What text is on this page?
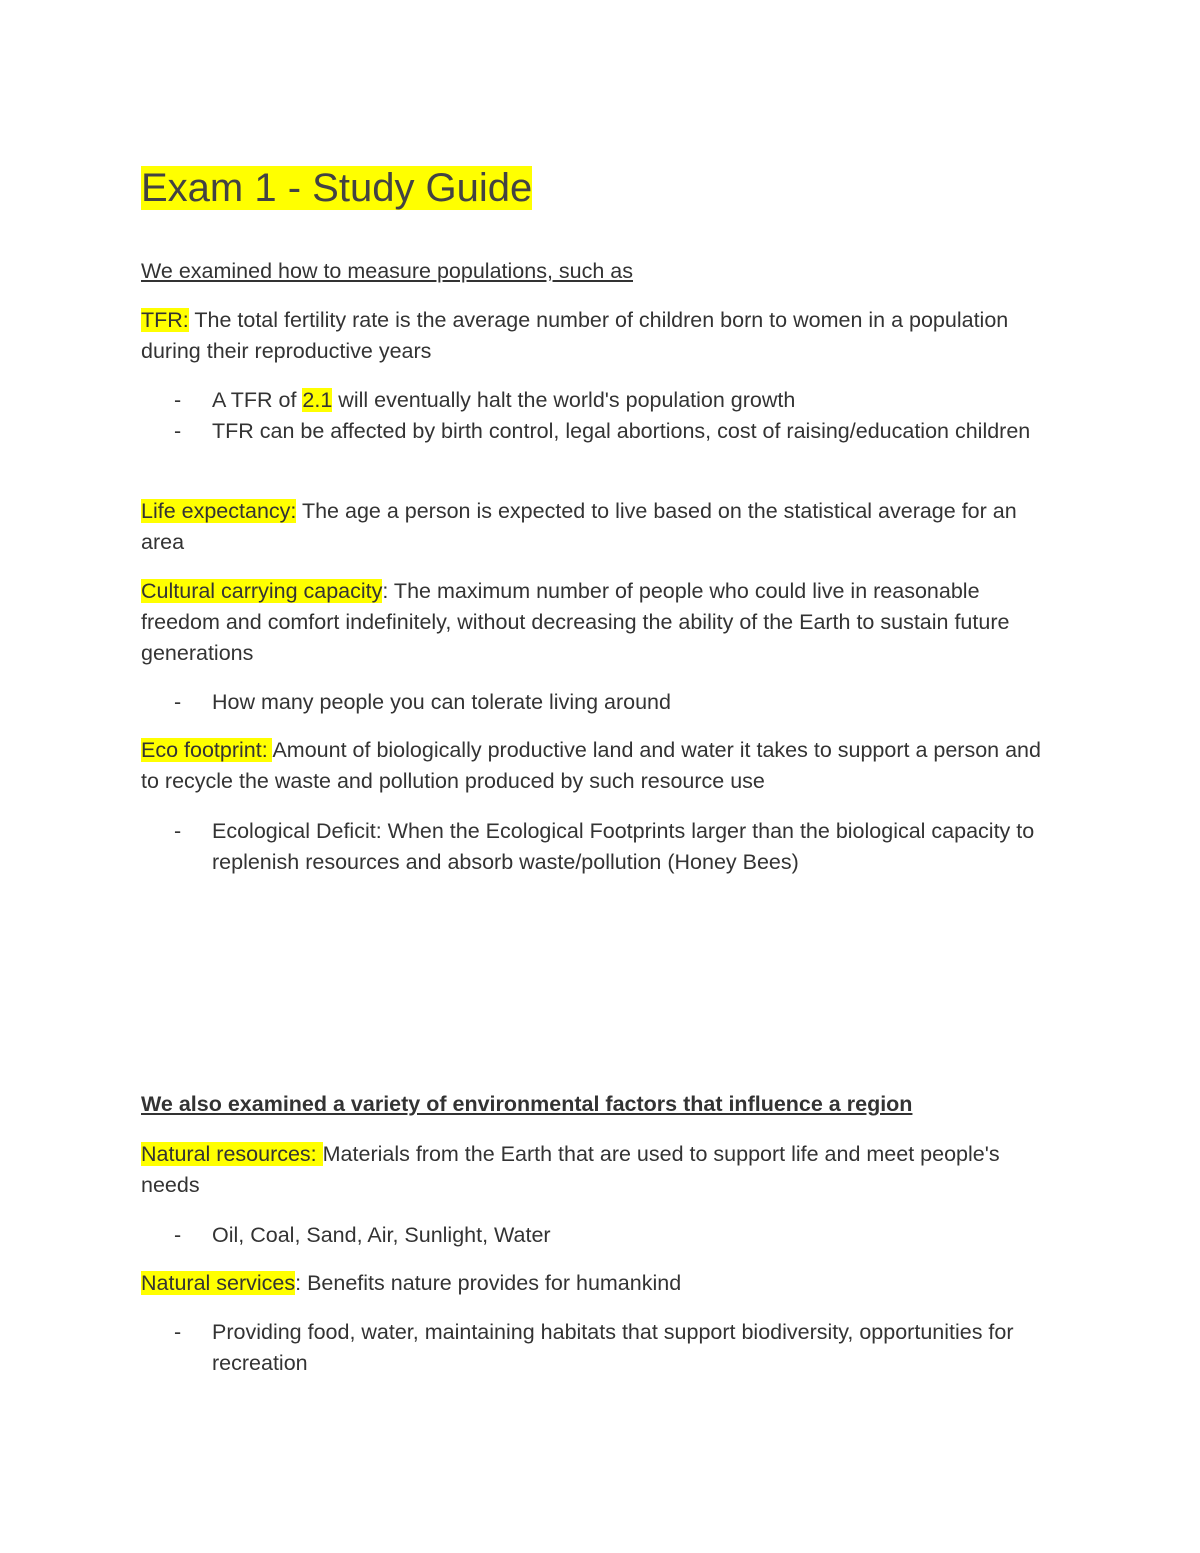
Exam 1 - Study Guide

We examined how to measure populations, such as

TFR: The total fertility rate is the average number of children born to women in a population during their reproductive years

- A TFR of 2.1 will eventually halt the world's population growth
- TFR can be affected by birth control, legal abortions, cost of raising/education children

Life expectancy: The age a person is expected to live based on the statistical average for an area

Cultural carrying capacity: The maximum number of people who could live in reasonable freedom and comfort indefinitely, without decreasing the ability of the Earth to sustain future generations

- How many people you can tolerate living around

Eco footprint: Amount of biologically productive land and water it takes to support a person and to recycle the waste and pollution produced by such resource use

- Ecological Deficit: When the Ecological Footprints larger than the biological capacity to replenish resources and absorb waste/pollution (Honey Bees)

We also examined a variety of environmental factors that influence a region

Natural resources: Materials from the Earth that are used to support life and meet people's needs

- Oil, Coal, Sand, Air, Sunlight, Water

Natural services: Benefits nature provides for humankind

- Providing food, water, maintaining habitats that support biodiversity, opportunities for recreation
